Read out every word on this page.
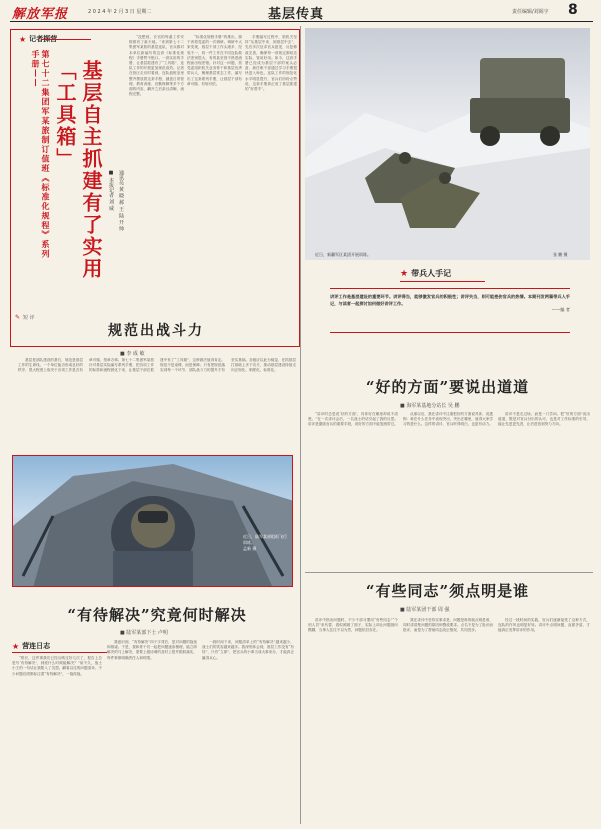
解放军报	2 0 2 4 年 2 月 3 日 星期二	基层传真	责任编辑/刘阁宇 8
★ 记者探营
第七十二集团军某旅制订值班《标准化规程》系列手册——	基层自主抓建有了实用「工具箱」
■ 本报记者 刘 威 通讯员 黄 晓 郝 王 陆 开 帅

“没想到，长官的每番工作安排都有了新天地。”来到第七十二集团军某旅的基层连队，官兵都对本单位新编写的这套《标准化规程》手册赞不绝口。一套实用的手册，让基层抓建有了“工具箱”，连队工作的开展更加规范高效。记者在营区走访时看到，连队值班室里整齐摆放着这套手册，涵盖日常管理、教育训练、后勤保障等多个方面的内容，翻开之后条目清晰、流程完整。

“标准化规程手册”的推出，源于该旅党委的一次调研。调研中大家发现，基层干部工作头绪多、经验不一，同一件工作在不同连队做法差别很大，有的甚至因不熟悉流程而出现差错。针对这一问题，旅党委组织机关业务骨干和基层优秀带兵人，梳理基层常态工作，编写出了这套系列手册，让基层干部有章可循、有规可依。

手册编写过程中，旅机关坚持“从基层中来、到基层中去”，先后多次征求官兵意见，反复修改完善，确保每一项规定都贴近实际、管用好用。如今，这套手册已经成为基层干部的案头必备，新任职干部通过学习手册很快进入角色，连队工作的规范化水平明显提升，官兵们纷纷点赞说，这套手册真正成了基层抓建的“好帮手”。

✎ 短 评
规范出战斗力
■ 李 成 敏

基层是部队建设的基石，规范是基层工作的生命线。一个单位能否形成良好的秩序，很大程度上取决于各项工作是否有章可循、按章办事。第七十二集团军某旅针对基层实际编写系列手册，把各项工作的标准和流程固化下来，让基层干部在抓建中有了“工具箱”，这种做法值得肯定。规范不是束缚，而是保障；只有把规范落实到每一个环节，部队战斗力的提升才有坚实基础。各级应以此为镜鉴，在抓基层打基础上多下功夫，推动基层建设持续走向正规化、制度化、标准化。

近日，陆军某部组织飞行训练。
孟新 摄
“有待解决”究竟何时解决
■ 陆军某部下士 卢明
★ 营连日志

“排长，这件事我们已经反映过好几次了，报告上总是写‘有待解决’，到底什么时候能解决？”前不久，战士小王的一句话让我陷入了沉思。翻看以往的问题清单，不少问题后面都标注着“有待解决”，一拖再拖。

我意识到，“有待解决”四个字背后，是对问题的拖延和推诿。于是，我和骨干们一起把问题逐条梳理，能立即解决的马上解决，需要上级协调的及时上报并跟踪落实，每件事都明确责任人和时限。

一段时间下来，问题清单上的“有待解决”越来越少，战士们的笑容越来越多。我深刻体会到，基层工作没有“有待”，只有“立即”，把官兵的小事当成大事来办，才能真正赢得兵心。

近日，新疆军区某团开展训练。	张 鹏 摄
★ 带兵人手记
讲评工作是基层建设的重要环节。讲评得当，能够激发官兵的积极性；讲评失当，则可能挫伤官兵的热情。本期刊发两篇带兵人手记，与读者一起探讨如何做好讲评工作。
——编 者
“好的方面”要说出道道
■ 海军某基地分站长 吴 鹏

“讲评时总是说‘好的方面’，具体好在哪里却说不清楚。”在一次讲评会后，一名战士的话引起了我的反思。讲评是激励官兵的重要手段，说好的方面不能笼统带过。

从那以后，我在讲评中注重把好的方面说具体、说透彻：谁在什么任务中表现突出，突出在哪里，值得大家学习的是什么。这样的讲评，官兵听得明白，也更有动力。

讲评不是走过场，而是一门学问。把“好的方面”说出道道，既是对官兵付出的认可，也是对工作标准的引导，能让先进更先进，让后进找到努力方向。

“有些同志”须点明是谁
■ 陆军某团干部 周 强

讲评中指出问题时，不少干部习惯用“有些同志”“个别人员”来代替，看似照顾了面子，实际上却让问题指向模糊，当事人往往不以为然，问题依旧存在。

我在讲评中坚持实事求是，问题是谁的就点明是谁，同时讲清楚问题的原因和整改要求。点名不是为了批评而批评，而是为了帮助同志改正错误、共同进步。

经过一段时间的实践，官兵们逐渐接受了这种方式，连队的作风也明显好转。讲评中点明问题、直面矛盾，才能真正发挥讲评的作用。
